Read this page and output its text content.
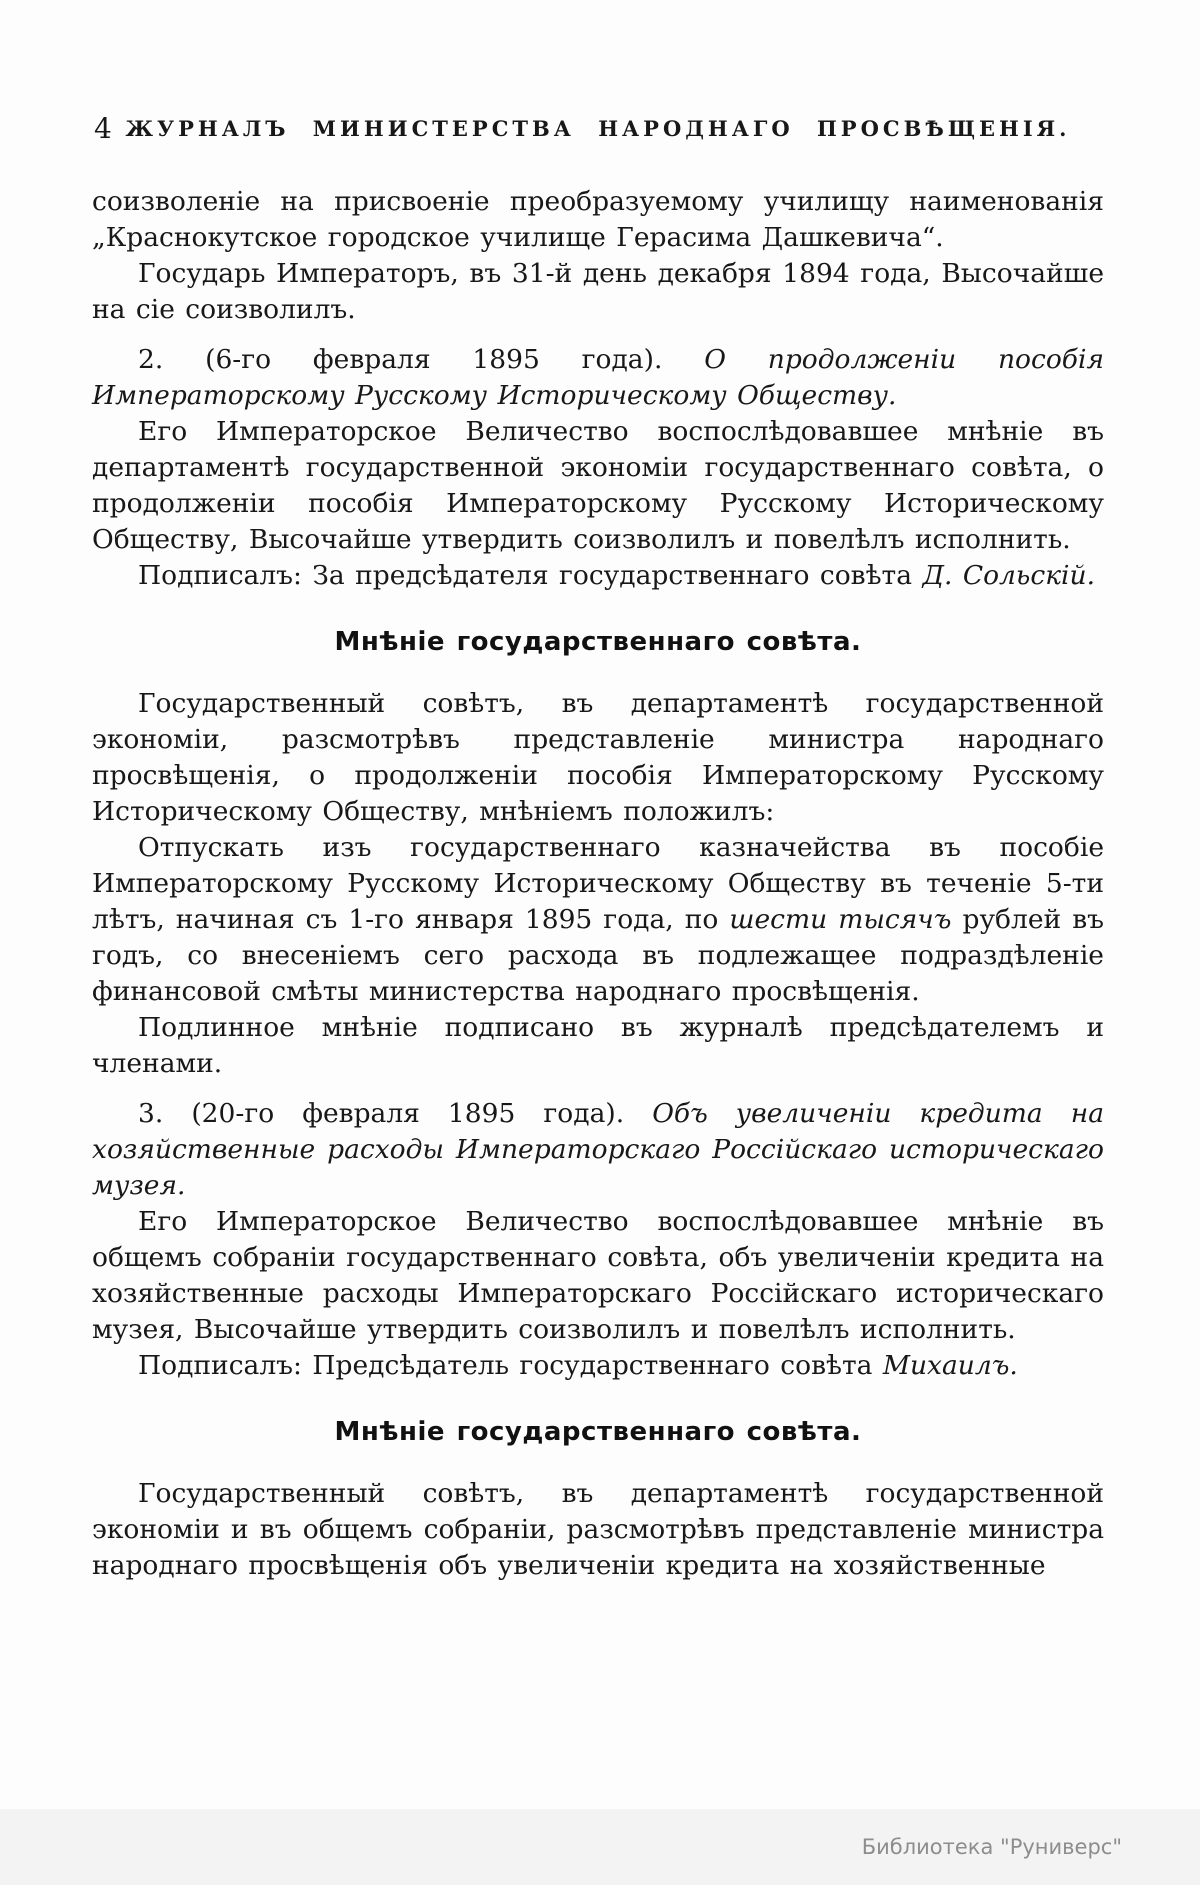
4 ЖУРНАЛЪ МИНИСТЕРСТВА НАРОДНАГО ПРОСВѢЩЕНІЯ.

соизволеніе на присвоеніе преобразуемому училищу наименованія „Краснокутское городское училище Герасима Дашкевича“.

Государь Императоръ, въ 31-й день декабря 1894 года, Высочайше на сіе соизволилъ.

2. (6-го февраля 1895 года). О продолженіи пособія Императорскому Русскому Историческому Обществу.

Его Императорское Величество воспослѣдовавшее мнѣніе въ департаментѣ государственной экономіи государственнаго совѣта, о продолженіи пособія Императорскому Русскому Историческому Обществу, Высочайше утвердить соизволилъ и повелѣлъ исполнить.

Подписалъ: За предсѣдателя государственнаго совѣта Д. Сольскій.

Мнѣніе государственнаго совѣта.

Государственный совѣтъ, въ департаментѣ государственной экономіи, разсмотрѣвъ представленіе министра народнаго просвѣщенія, о продолженіи пособія Императорскому Русскому Историческому Обществу, мнѣніемъ положилъ:

Отпускать изъ государственнаго казначейства въ пособіе Императорскому Русскому Историческому Обществу въ теченіе 5-ти лѣтъ, начиная съ 1-го января 1895 года, по шести тысячъ рублей въ годъ, со внесеніемъ сего расхода въ подлежащее подраздѣленіе финансовой смѣты министерства народнаго просвѣщенія.

Подлинное мнѣніе подписано въ журналѣ предсѣдателемъ и членами.

3. (20-го февраля 1895 года). Объ увеличеніи кредита на хозяйственные расходы Императорскаго Россійскаго историческаго музея.

Его Императорское Величество воспослѣдовавшее мнѣніе въ общемъ собраніи государственнаго совѣта, объ увеличеніи кредита на хозяйственные расходы Императорскаго Россійскаго историческаго музея, Высочайше утвердить соизволилъ и повелѣлъ исполнить.

Подписалъ: Предсѣдатель государственнаго совѣта Михаилъ.

Мнѣніе государственнаго совѣта.

Государственный совѣтъ, въ департаментѣ государственной экономіи и въ общемъ собраніи, разсмотрѣвъ представленіе министра народнаго просвѣщенія объ увеличеніи кредита на хозяйственные

Библиотека "Руниверс"
